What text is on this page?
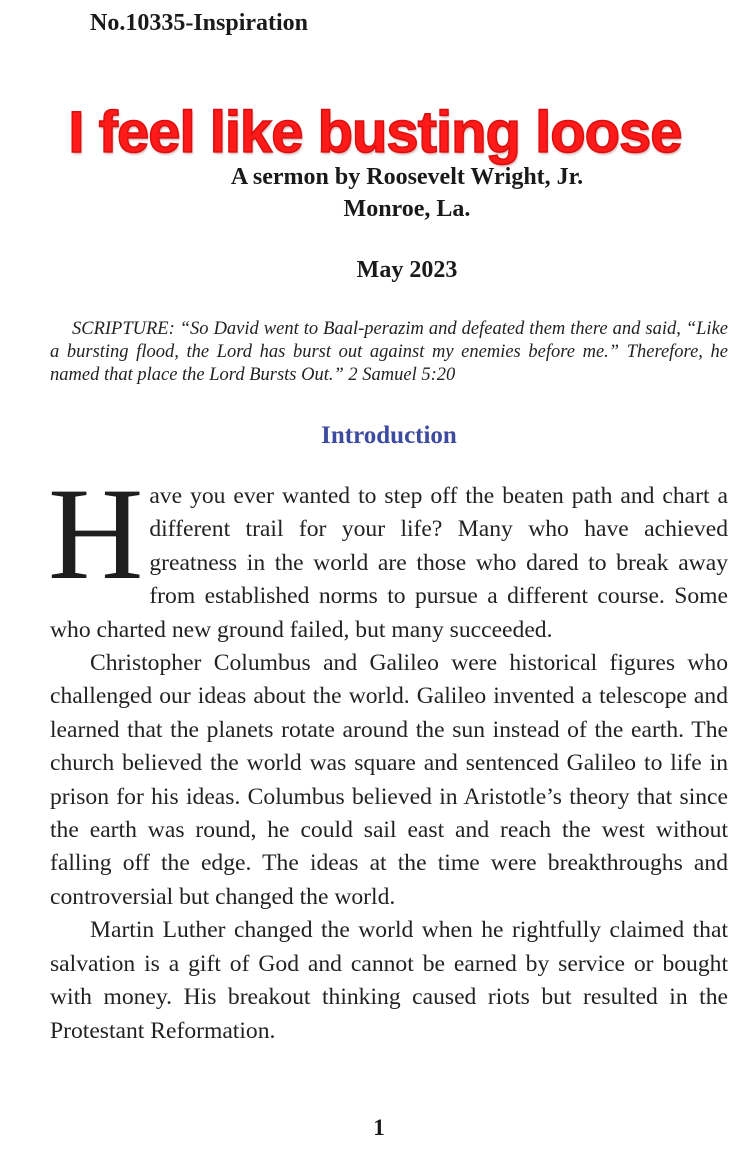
No.10335-Inspiration
I feel like busting loose
A sermon by Roosevelt Wright, Jr.
Monroe, La.
May 2023
SCRIPTURE: “So David went to Baal-perazim and defeated them there and said, “Like a bursting flood, the Lord has burst out against my enemies before me.” Therefore, he named that place the Lord Bursts Out.” 2 Samuel 5:20
Introduction

Have you ever wanted to step off the beaten path and chart a different trail for your life? Many who have achieved greatness in the world are those who dared to break away from established norms to pursue a different course. Some who charted new ground failed, but many succeeded.

Christopher Columbus and Galileo were historical figures who challenged our ideas about the world. Galileo invented a telescope and learned that the planets rotate around the sun instead of the earth. The church believed the world was square and sentenced Galileo to life in prison for his ideas. Columbus believed in Aristotle’s theory that since the earth was round, he could sail east and reach the west without falling off the edge. The ideas at the time were breakthroughs and controversial but changed the world.

Martin Luther changed the world when he rightfully claimed that salvation is a gift of God and cannot be earned by service or bought with money. His breakout thinking caused riots but resulted in the Protestant Reformation.

1
